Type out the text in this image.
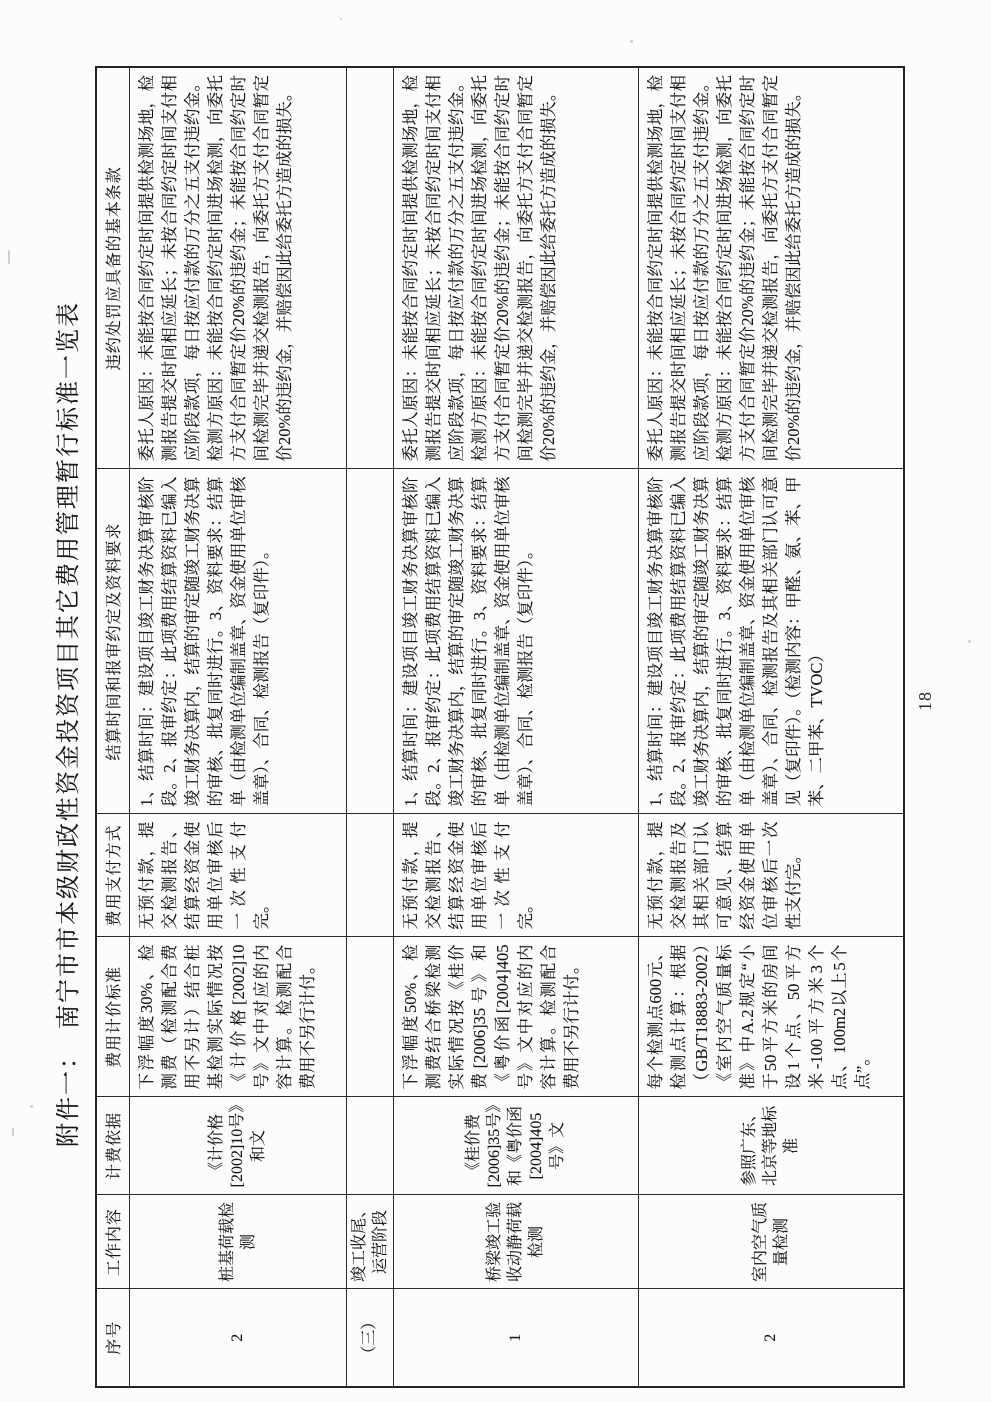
附件一：　南宁市市本级财政性资金投资项目其它费用管理暂行标准一览表
序号	工作内容	计费依据	费用计价标准	费用支付方式	结算时间和报审约定及资料要求	违约处罚应具备的基本条款
2	桩基荷载检测	《计价格[2002]10号》和文	下浮幅度30%、检测费（检测配合费用不另计）结合桩基检测实际情况按《计价格[2002]10号》文中对应的内容计算。检测配合费用不另行计付。	无预付款，提交检测报告、结算经资金使用单位审核后一次性支付完。	1、结算时间：建设项目竣工财务决算审核阶段。2、报审约定：此项费用结算资料已编入竣工财务决算内，结算的审定随竣工财务决算的审核、批复同时进行。3、资料要求：结算单（由检测单位编制盖章、资金使用单位审核盖章）、合同、检测报告（复印件）。	委托人原因：未能按合同约定时间提供检测场地，检测报告提交时间相应延长；未按合同约定时间支付相应阶段款项，每日按应付款的万分之五支付违约金。检测方原因：未能按合同约定时间进场检测，向委托方支付合同暂定价20%的违约金；未能按合同约定时间检测完毕并递交检测报告，向委托方支付合同暂定价20%的违约金，并赔偿因此给委托方造成的损失。
（三）	竣工收尾、运营阶段					
1	桥梁竣工验收动静荷载检测	《桂价费[2006]35号》和《粤价函[2004]405号》文	下浮幅度50%、检测费结合桥梁检测实际情况按《桂价费[2006]35号》和《粤价函[2004]405号》文中对应的内容计算。检测配合费用不另行计付。	无预付款，提交检测报告、结算经资金使用单位审核后一次性支付完。	1、结算时间：建设项目竣工财务决算审核阶段。2、报审约定：此项费用结算资料已编入竣工财务决算内，结算的审定随竣工财务决算的审核、批复同时进行。3、资料要求：结算单（由检测单位编制盖章、资金使用单位审核盖章）、合同、检测报告（复印件）。	委托人原因：未能按合同约定时间提供检测场地，检测报告提交时间相应延长；未按合同约定时间支付相应阶段款项，每日按应付款的万分之五支付违约金。检测方原因：未能按合同约定时间进场检测，向委托方支付合同暂定价20%的违约金；未能按合同约定时间检测完毕并递交检测报告，向委托方支付合同暂定价20%的违约金，并赔偿因此给委托方造成的损失。
2	室内空气质量检测	参照广东、北京等地标准	每个检测点600元、检测点计算：根据（GB/T18883-2002）《室内空气质量标准》中A.2规定“小于50平方米的房间设1个点、50平方米-100平方米3个点、100m2以上5个点”。	无预付款，提交检测报告及其相关部门认可意见、结算经资金使用单位审核后一次性支付完。	1、结算时间：建设项目竣工财务决算审核阶段。2、报审约定：此项费用结算资料已编入竣工财务决算内，结算的审定随竣工财务决算的审核、批复同时进行。3、资料要求：结算单（由检测单位编制盖章、资金使用单位审核盖章）、合同、检测报告及其相关部门认可意见（复印件）。（检测内容：甲醛、氨、苯、甲苯、二甲苯、TVOC）	委托人原因：未能按合同约定时间提供检测场地，检测报告提交时间相应延长；未按合同约定时间支付相应阶段款项，每日按应付款的万分之五支付违约金。检测方原因：未能按合同约定时间进场检测，向委托方支付合同暂定价20%的违约金；未能按合同约定时间检测完毕并递交检测报告，向委托方支付合同暂定价20%的违约金，并赔偿因此给委托方造成的损失。
18
